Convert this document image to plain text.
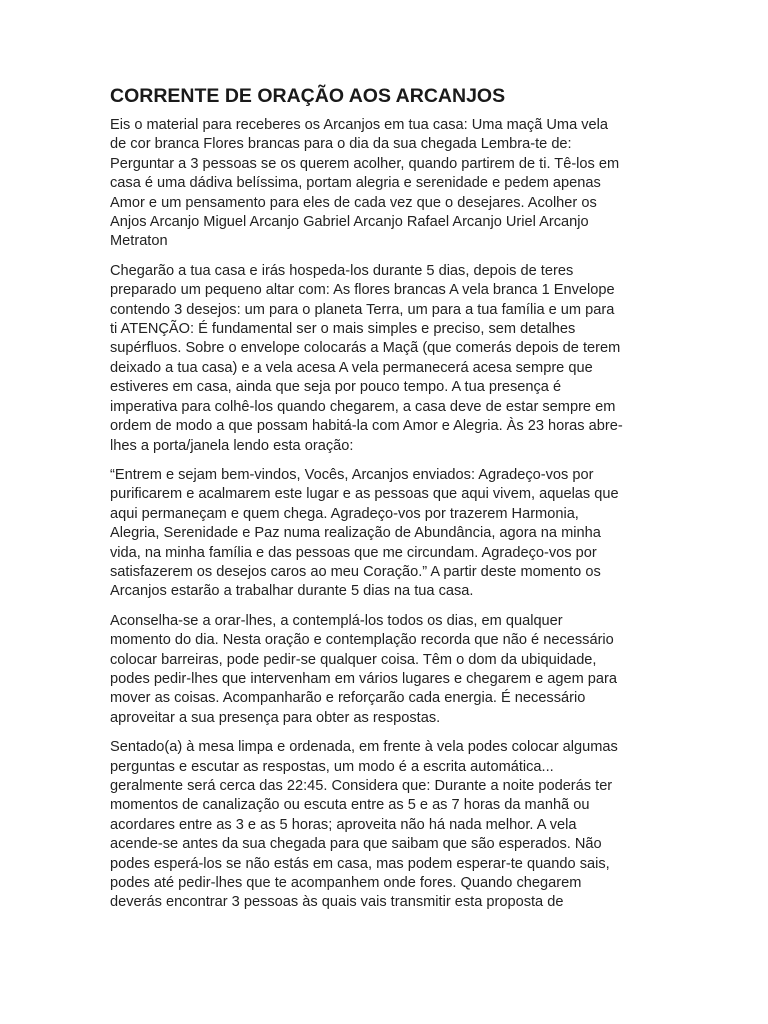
CORRENTE DE ORAÇÃO AOS ARCANJOS

Eis o material para receberes os Arcanjos em tua casa: Uma maçã Uma vela
de cor branca Flores brancas para o dia da sua chegada Lembra-te de:
Perguntar a 3 pessoas se os querem acolher, quando partirem de ti. Tê-los em
casa é uma dádiva belíssima, portam alegria e serenidade e pedem apenas
Amor e um pensamento para eles de cada vez que o desejares. Acolher os
Anjos Arcanjo Miguel Arcanjo Gabriel Arcanjo Rafael Arcanjo Uriel Arcanjo
Metraton

Chegarão a tua casa e irás hospeda-los durante 5 dias, depois de teres
preparado um pequeno altar com: As flores brancas A vela branca 1 Envelope
contendo 3 desejos: um para o planeta Terra, um para a tua família e um para
ti ATENÇÃO: É fundamental ser o mais simples e preciso, sem detalhes
supérfluos. Sobre o envelope colocarás a Maçã (que comerás depois de terem
deixado a tua casa) e a vela acesa A vela permanecerá acesa sempre que
estiveres em casa, ainda que seja por pouco tempo. A tua presença é
imperativa para colhê-los quando chegarem, a casa deve de estar sempre em
ordem de modo a que possam habitá-la com Amor e Alegria. Às 23 horas abre-
lhes a porta/janela lendo esta oração:

“Entrem e sejam bem-vindos, Vocês, Arcanjos enviados: Agradeço-vos por
purificarem e acalmarem este lugar e as pessoas que aqui vivem, aquelas que
aqui permaneçam e quem chega. Agradeço-vos por trazerem Harmonia,
Alegria, Serenidade e Paz numa realização de Abundância, agora na minha
vida, na minha família e das pessoas que me circundam. Agradeço-vos por
satisfazerem os desejos caros ao meu Coração.” A partir deste momento os
Arcanjos estarão a trabalhar durante 5 dias na tua casa.

Aconselha-se a orar-lhes, a contemplá-los todos os dias, em qualquer
momento do dia. Nesta oração e contemplação recorda que não é necessário
colocar barreiras, pode pedir-se qualquer coisa. Têm o dom da ubiquidade,
podes pedir-lhes que intervenham em vários lugares e chegarem e agem para
mover as coisas. Acompanharão e reforçarão cada energia. É necessário
aproveitar a sua presença para obter as respostas.

Sentado(a) à mesa limpa e ordenada, em frente à vela podes colocar algumas
perguntas e escutar as respostas, um modo é a escrita automática...
geralmente será cerca das 22:45. Considera que: Durante a noite poderás ter
momentos de canalização ou escuta entre as 5 e as 7 horas da manhã ou
acordares entre as 3 e as 5 horas; aproveita não há nada melhor. A vela
acende-se antes da sua chegada para que saibam que são esperados. Não
podes esperá-los se não estás em casa, mas podem esperar-te quando sais,
podes até pedir-lhes que te acompanhem onde fores. Quando chegarem
deverás encontrar 3 pessoas às quais vais transmitir esta proposta de
